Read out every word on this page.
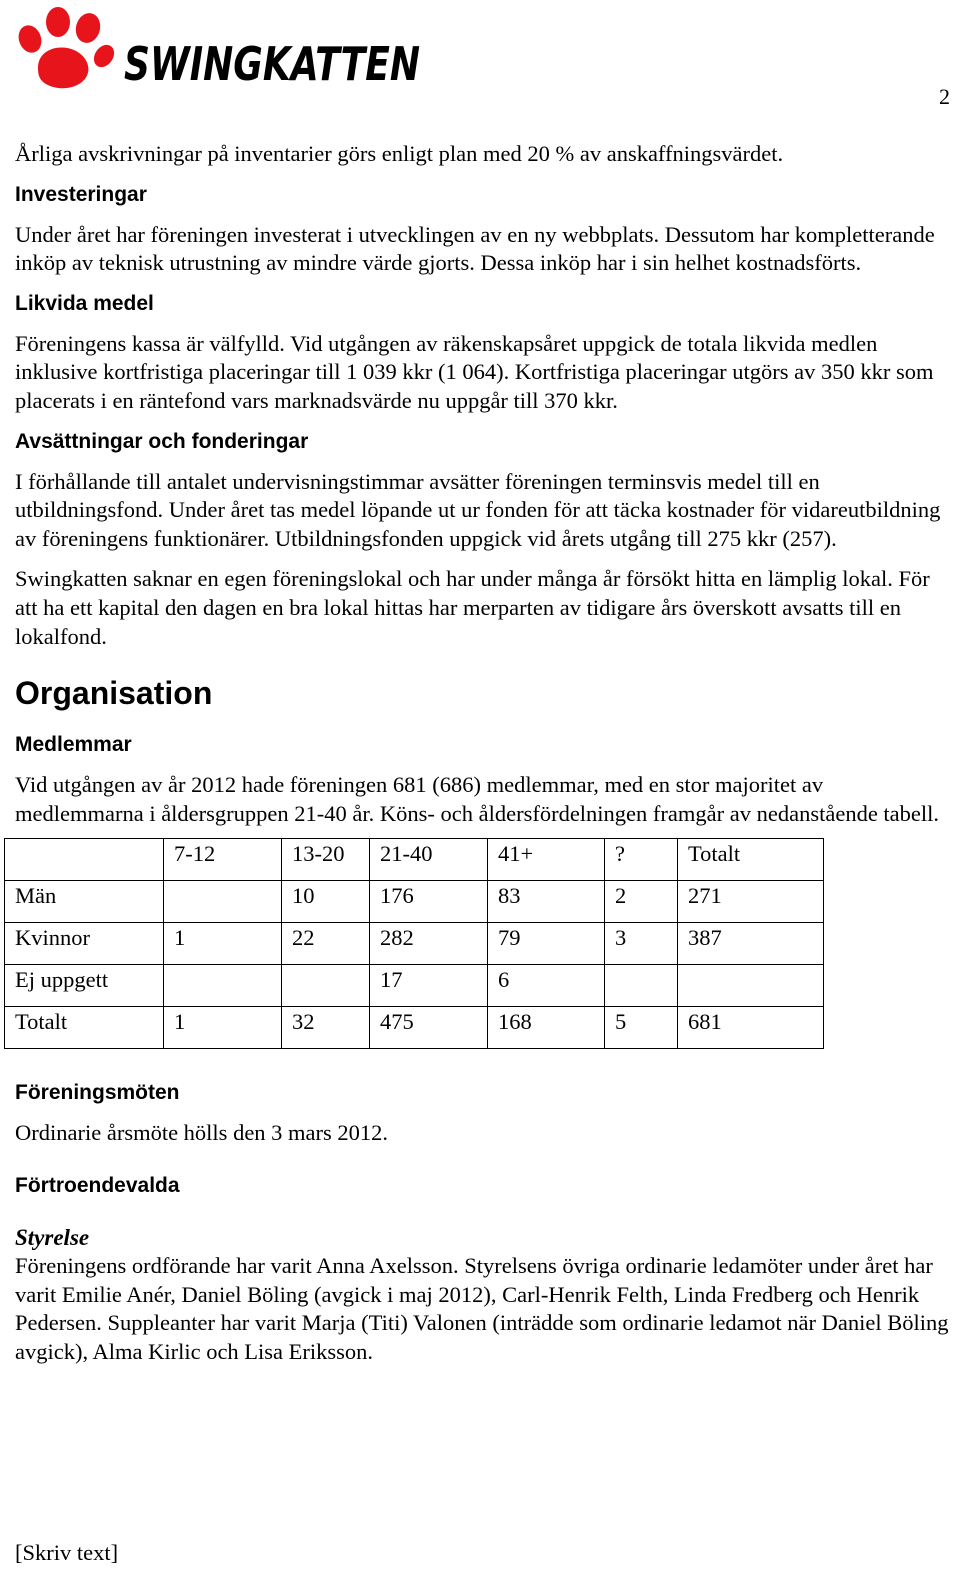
SWINGKATTEN
2

Årliga avskrivningar på inventarier görs enligt plan med 20 % av anskaffningsvärdet.

Investeringar

Under året har föreningen investerat i utvecklingen av en ny webbplats. Dessutom har kompletterande inköp av teknisk utrustning av mindre värde gjorts. Dessa inköp har i sin helhet kostnadsförts.

Likvida medel

Föreningens kassa är välfylld. Vid utgången av räkenskapsåret uppgick de totala likvida medlen inklusive kortfristiga placeringar till 1 039 kkr (1 064). Kortfristiga placeringar utgörs av 350 kkr som placerats i en räntefond vars marknadsvärde nu uppgår till 370 kkr.

Avsättningar och fonderingar

I förhållande till antalet undervisningstimmar avsätter föreningen terminsvis medel till en utbildningsfond. Under året tas medel löpande ut ur fonden för att täcka kostnader för vidareutbildning av föreningens funktionärer. Utbildningsfonden uppgick vid årets utgång till 275 kkr (257).

Swingkatten saknar en egen föreningslokal och har under många år försökt hitta en lämplig lokal. För att ha ett kapital den dagen en bra lokal hittas har merparten av tidigare års överskott avsatts till en lokalfond.

Organisation
Medlemmar

Vid utgången av år 2012 hade föreningen 681 (686) medlemmar, med en stor majoritet av medlemmarna i åldersgruppen 21-40 år. Köns- och åldersfördelningen framgår av nedanstående tabell.

	7-12	13-20	21-40	41+	?	Totalt
Män		10	176	83	2	271
Kvinnor	1	22	282	79	3	387
Ej uppgett			17	6		
Totalt	1	32	475	168	5	681
Föreningsmöten

Ordinarie årsmöte hölls den 3 mars 2012.

Förtroendevalda
Styrelse

Föreningens ordförande har varit Anna Axelsson. Styrelsens övriga ordinarie ledamöter under året har varit Emilie Anér, Daniel Böling (avgick i maj 2012), Carl-Henrik Felth, Linda Fredberg och Henrik Pedersen. Suppleanter har varit Marja (Titi) Valonen (inträdde som ordinarie ledamot när Daniel Böling avgick), Alma Kirlic och Lisa Eriksson.

[Skriv text]
